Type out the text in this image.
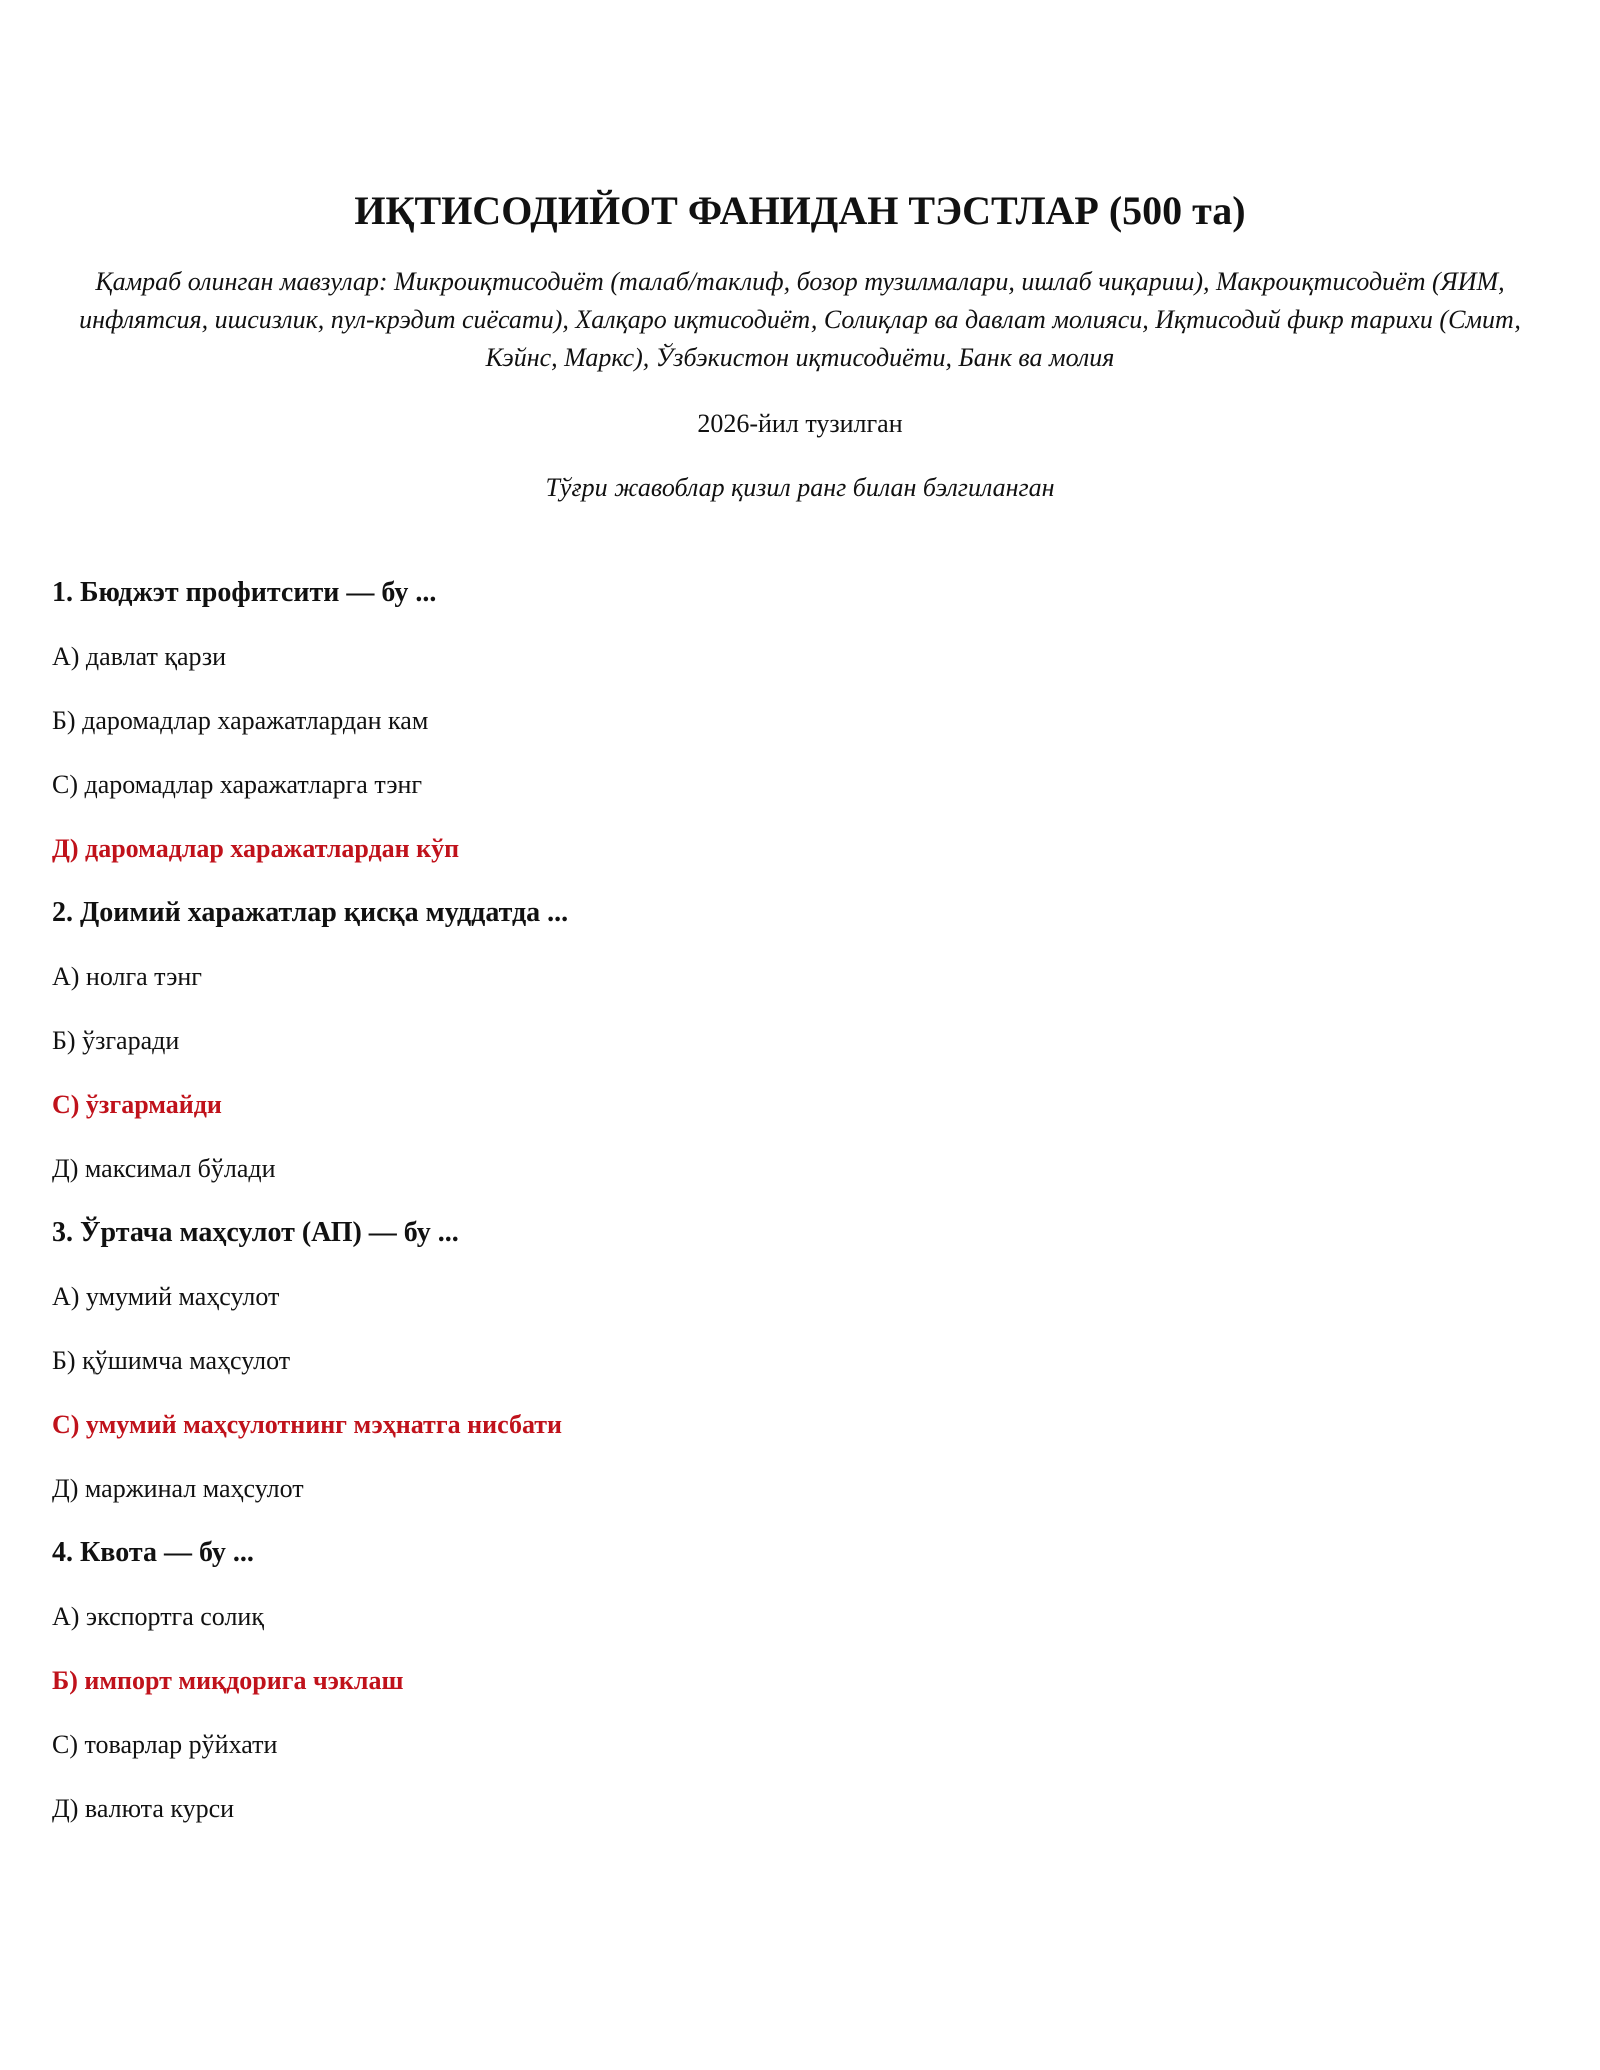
ИҚТИСОДИЙОТ ФАНИДАН ТЭСТЛАР (500 та)

Қамраб олинган мавзулар: Микроиқтисодиёт (талаб/таклиф, бозор тузилмалари, ишлаб чиқариш), Макроиқтисодиёт (ЯИМ, инфлятсия, ишсизлик, пул-крэдит сиёсати), Халқаро иқтисодиёт, Солиқлар ва давлат молияси, Иқтисодий фикр тарихи (Смит, Кэйнс, Маркс), Ўзбэкистон иқтисодиёти, Банк ва молия

2026-йил тузилган

Тўғри жавоблар қизил ранг билан бэлгиланган

1. Бюджэт профитсити — бу ...

А) давлат қарзи

Б) даромадлар харажатлардан кам

С) даромадлар харажатларга тэнг

Д) даромадлар харажатлардан кўп

2. Доимий харажатлар қисқа муддатда ...

А) нолга тэнг

Б) ўзгаради

С) ўзгармайди

Д) максимал бўлади

3. Ўртача маҳсулот (АП) — бу ...

А) умумий маҳсулот

Б) қўшимча маҳсулот

С) умумий маҳсулотнинг мэҳнатга нисбати

Д) маржинал маҳсулот

4. Квота — бу ...

А) экспортга солиқ

Б) импорт миқдорига чэклаш

С) товарлар рўйхати

Д) валюта курси
